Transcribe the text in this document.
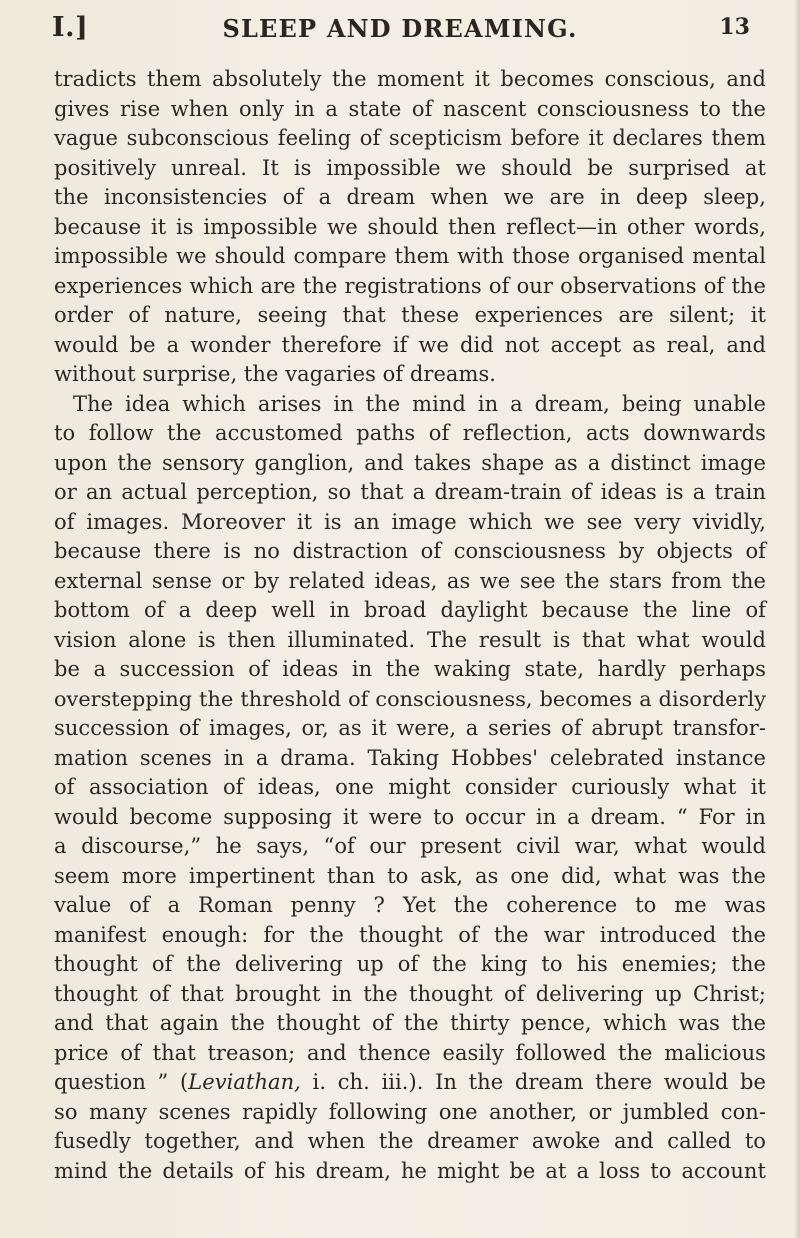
I.]	SLEEP AND DREAMING.	13
tradicts them absolutely the moment it becomes conscious, and
gives rise when only in a state of nascent consciousness to the
vague subconscious feeling of scepticism before it declares them
positively unreal. It is impossible we should be surprised at
the inconsistencies of a dream when we are in deep sleep,
because it is impossible we should then reflect—in other words,
impossible we should compare them with those organised mental
experiences which are the registrations of our observations of the
order of nature, seeing that these experiences are silent; it
would be a wonder therefore if we did not accept as real, and
without surprise, the vagaries of dreams.
The idea which arises in the mind in a dream, being unable
to follow the accustomed paths of reflection, acts downwards
upon the sensory ganglion, and takes shape as a distinct image
or an actual perception, so that a dream-train of ideas is a train
of images. Moreover it is an image which we see very vividly,
because there is no distraction of consciousness by objects of
external sense or by related ideas, as we see the stars from the
bottom of a deep well in broad daylight because the line of
vision alone is then illuminated. The result is that what would
be a succession of ideas in the waking state, hardly perhaps
overstepping the threshold of consciousness, becomes a disorderly
succession of images, or, as it were, a series of abrupt transfor-
mation scenes in a drama. Taking Hobbes' celebrated instance
of association of ideas, one might consider curiously what it
would become supposing it were to occur in a dream. “ For in
a discourse,” he says, “of our present civil war, what would
seem more impertinent than to ask, as one did, what was the
value of a Roman penny ? Yet the coherence to me was
manifest enough: for the thought of the war introduced the
thought of the delivering up of the king to his enemies; the
thought of that brought in the thought of delivering up Christ;
and that again the thought of the thirty pence, which was the
price of that treason; and thence easily followed the malicious
question ” (Leviathan, i. ch. iii.). In the dream there would be
so many scenes rapidly following one another, or jumbled con-
fusedly together, and when the dreamer awoke and called to
mind the details of his dream, he might be at a loss to account
